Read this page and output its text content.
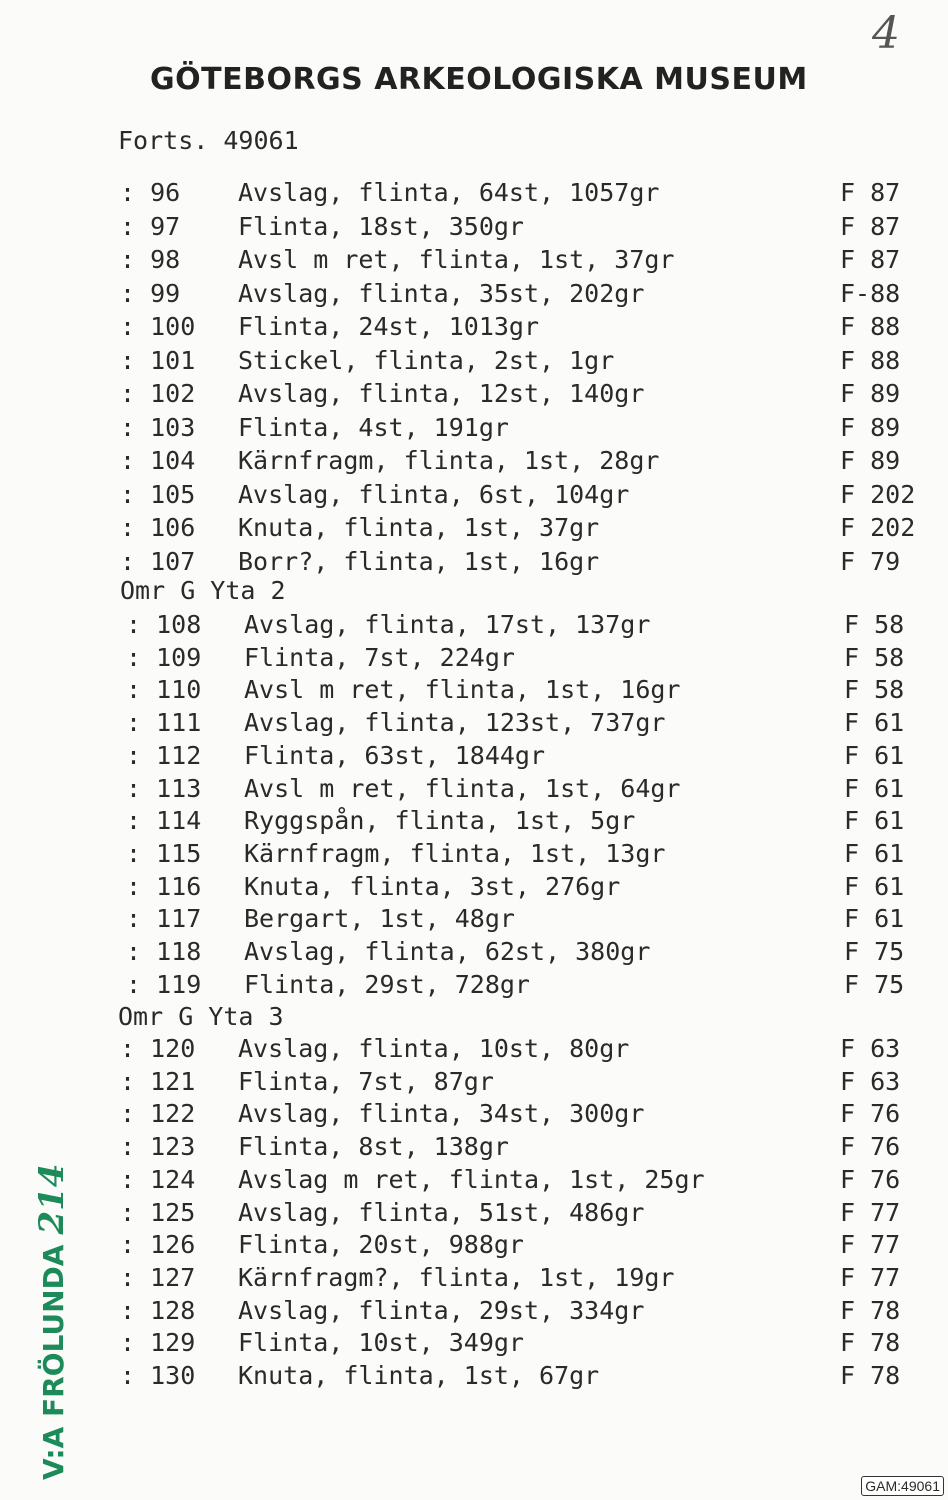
GÖTEBORGS ARKEOLOGISKA MUSEUM
4
Forts. 49061
: 96 Avslag, flinta, 64st, 1057gr	F 87
: 97 Flinta, 18st, 350gr	F 87
: 98 Avsl m ret, flinta, 1st, 37gr	F 87
: 99 Avslag, flinta, 35st, 202gr	F-88
: 100 Flinta, 24st, 1013gr	F 88
: 101 Stickel, flinta, 2st, 1gr	F 88
: 102 Avslag, flinta, 12st, 140gr	F 89
: 103 Flinta, 4st, 191gr	F 89
: 104 Kärnfragm, flinta, 1st, 28gr	F 89
: 105 Avslag, flinta, 6st, 104gr	F 202
: 106 Knuta, flinta, 1st, 37gr	F 202
: 107 Borr?, flinta, 1st, 16gr	F 79
Omr G Yta 2
: 108 Avslag, flinta, 17st, 137gr	F 58
: 109 Flinta, 7st, 224gr	F 58
: 110 Avsl m ret, flinta, 1st, 16gr	F 58
: 111 Avslag, flinta, 123st, 737gr	F 61
: 112 Flinta, 63st, 1844gr	F 61
: 113 Avsl m ret, flinta, 1st, 64gr	F 61
: 114 Ryggspån, flinta, 1st, 5gr	F 61
: 115 Kärnfragm, flinta, 1st, 13gr	F 61
: 116 Knuta, flinta, 3st, 276gr	F 61
: 117 Bergart, 1st, 48gr	F 61
: 118 Avslag, flinta, 62st, 380gr	F 75
: 119 Flinta, 29st, 728gr	F 75
Omr G Yta 3
: 120 Avslag, flinta, 10st, 80gr	F 63
: 121 Flinta, 7st, 87gr	F 63
: 122 Avslag, flinta, 34st, 300gr	F 76
: 123 Flinta, 8st, 138gr	F 76
: 124 Avslag m ret, flinta, 1st, 25gr	F 76
: 125 Avslag, flinta, 51st, 486gr	F 77
: 126 Flinta, 20st, 988gr	F 77
: 127 Kärnfragm?, flinta, 1st, 19gr	F 77
: 128 Avslag, flinta, 29st, 334gr	F 78
: 129 Flinta, 10st, 349gr	F 78
: 130 Knuta, flinta, 1st, 67gr	F 78
V:A FRÖLUNDA214
GAM:49061
